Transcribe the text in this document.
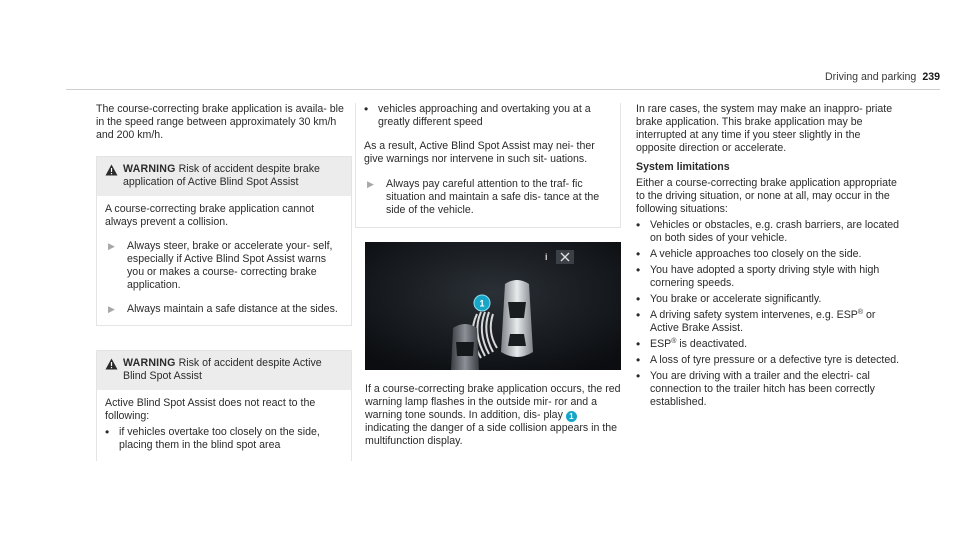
Driving and parking 239

The course-correcting brake application is availa- ble in the speed range between approximately 30 km/h and 200 km/h.

WARNING Risk of accident despite brake application of Active Blind Spot Assist
A course-correcting brake application cannot always prevent a collision.
▶	Always steer, brake or accelerate your- self, especially if Active Blind Spot Assist warns you or makes a course- correcting brake application.
▶	Always maintain a safe distance at the sides.
WARNING Risk of accident despite Active Blind Spot Assist
Active Blind Spot Assist does not react to the following:
• if vehicles overtake too closely on the side, placing them in the blind spot area
• vehicles approaching and overtaking you at a greatly different speed

As a result, Active Blind Spot Assist may nei- ther give warnings nor intervene in such sit- uations.

▶	Always pay careful attention to the traf- fic situation and maintain a safe dis- tance at the side of the vehicle.
i
1

If a course-correcting brake application occurs, the red warning lamp flashes in the outside mir- ror and a warning tone sounds. In addition, dis- play 1 indicating the danger of a side collision appears in the multifunction display.

In rare cases, the system may make an inappro- priate brake application. This brake application may be interrupted at any time if you steer slightly in the opposite direction or accelerate.

System limitations

Either a course-correcting brake application appropriate to the driving situation, or none at all, may occur in the following situations:

• Vehicles or obstacles, e.g. crash barriers, are located on both sides of your vehicle.
• A vehicle approaches too closely on the side.
• You have adopted a sporty driving style with high cornering speeds.
• You brake or accelerate significantly.
• A driving safety system intervenes, e.g. ESP® or Active Brake Assist.
• ESP® is deactivated.
• A loss of tyre pressure or a defective tyre is detected.
• You are driving with a trailer and the electri- cal connection to the trailer hitch has been correctly established.
